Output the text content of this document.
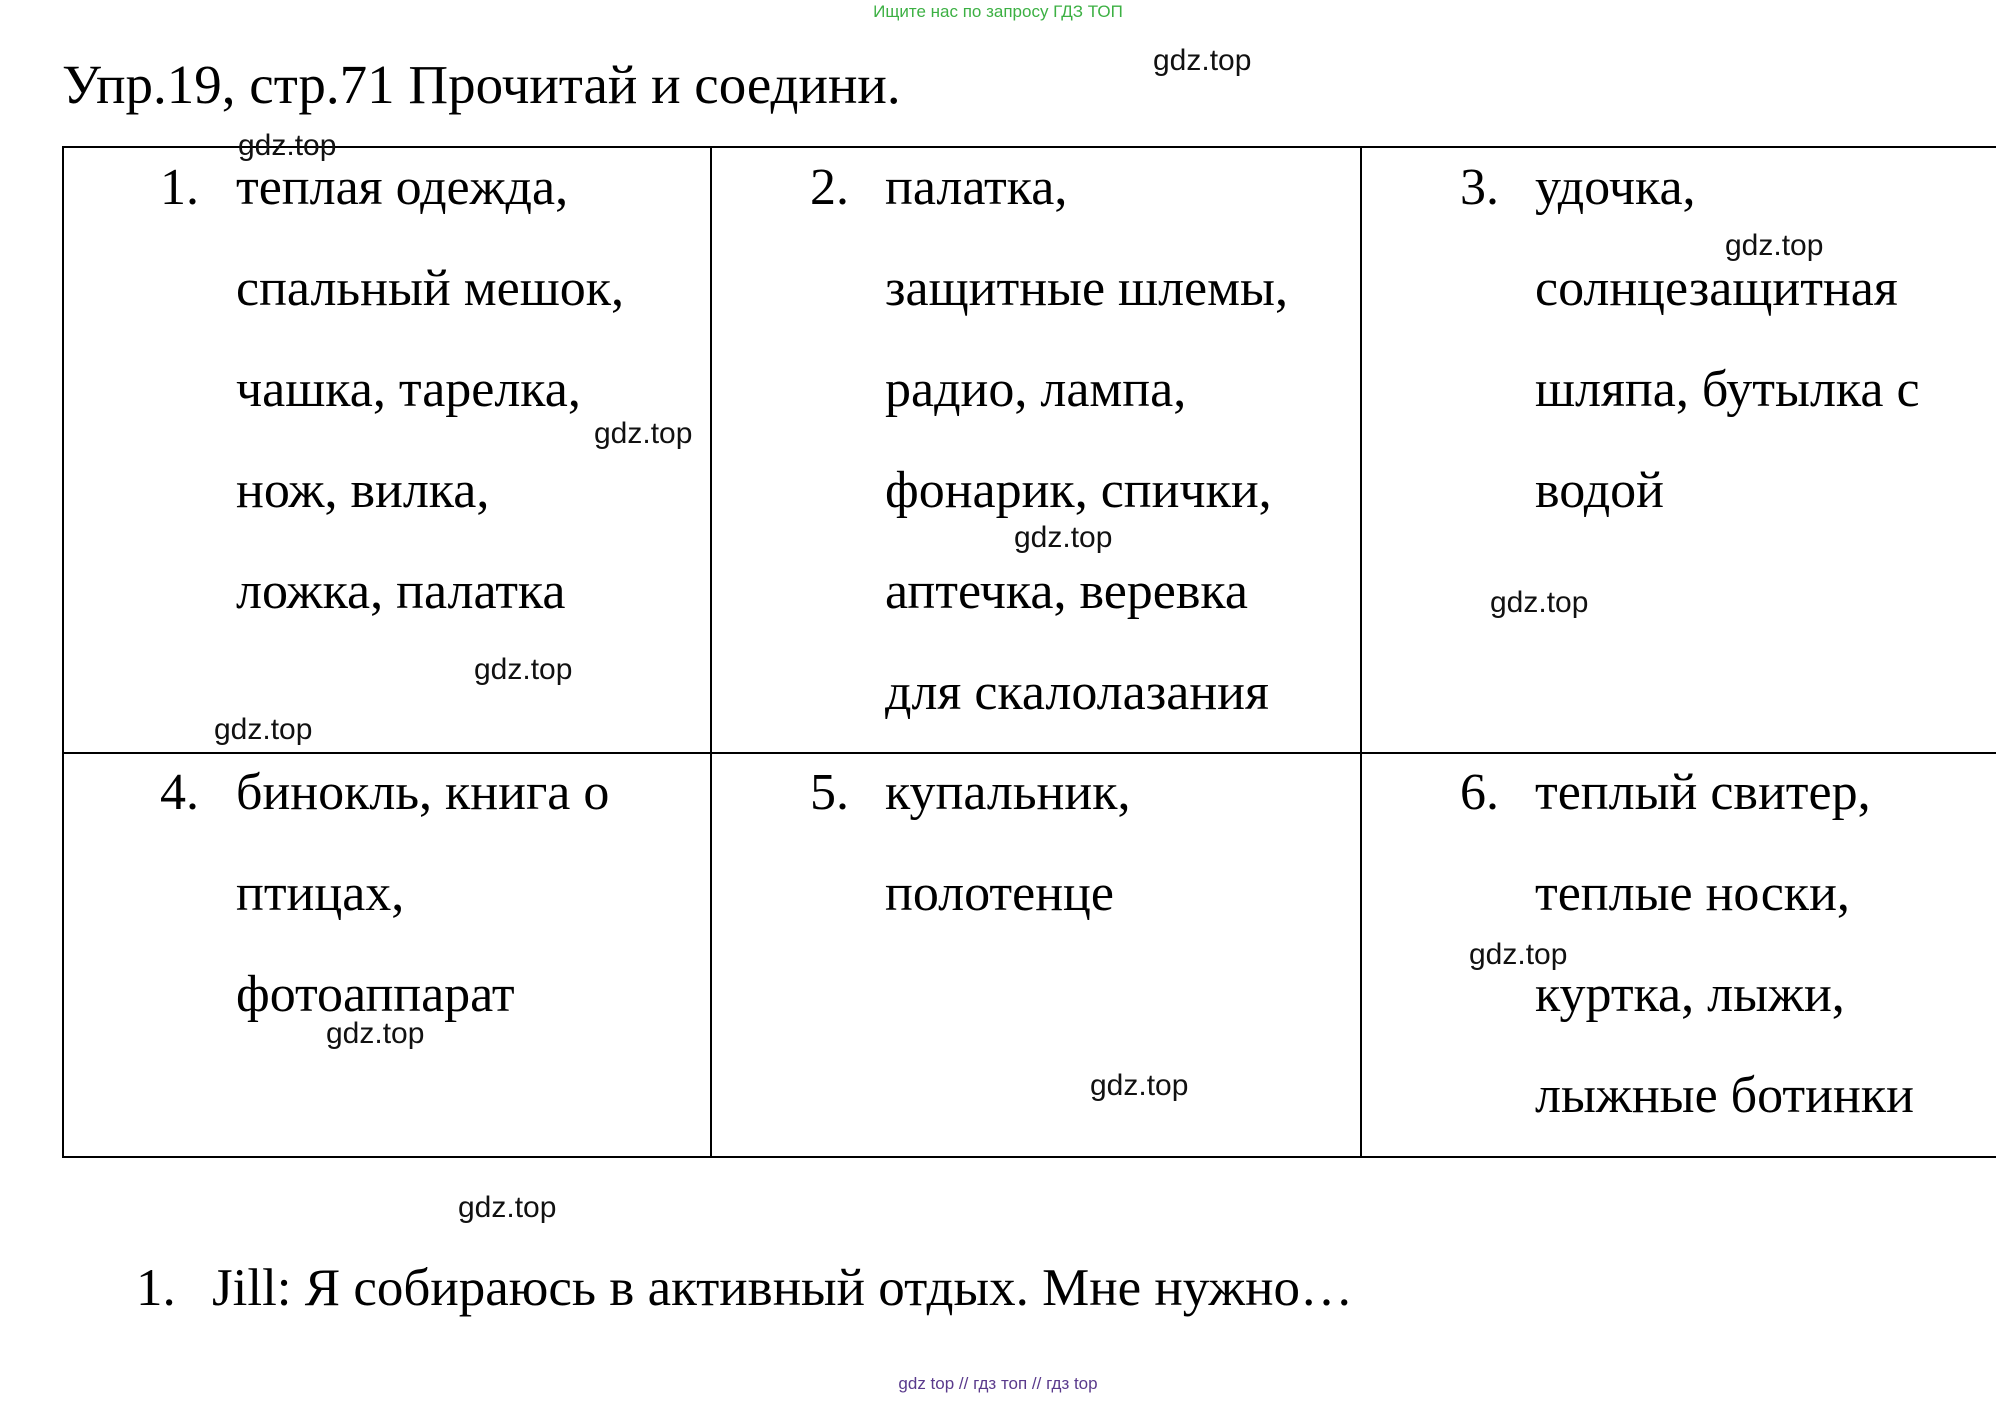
Ищите нас по запросу ГДЗ ТОП
Упр.19, стр.71 Прочитай и соедини.
1. теплая одежда,
спальный мешок,
чашка, тарелка,
нож, вилка,
ложка, палатка
2. палатка,
защитные шлемы,
радио, лампа,
фонарик, спички,
аптечка, веревка
для скалолазания
3. удочка,
солнцезащитная
шляпа, бутылка с
водой
4. бинокль, книга о
птицах,
фотоаппарат
5. купальник,
полотенце
6. теплый свитер,
теплые носки,
куртка, лыжи,
лыжные ботинки
gdz.top
gdz.top
gdz.top
gdz.top
gdz.top
gdz.top
gdz.top
gdz.top
gdz.top
gdz.top
gdz.top
gdz.top
1. Jill: Я собираюсь в активный отдых. Мне нужно…
gdz top // гдз топ // гдз top
